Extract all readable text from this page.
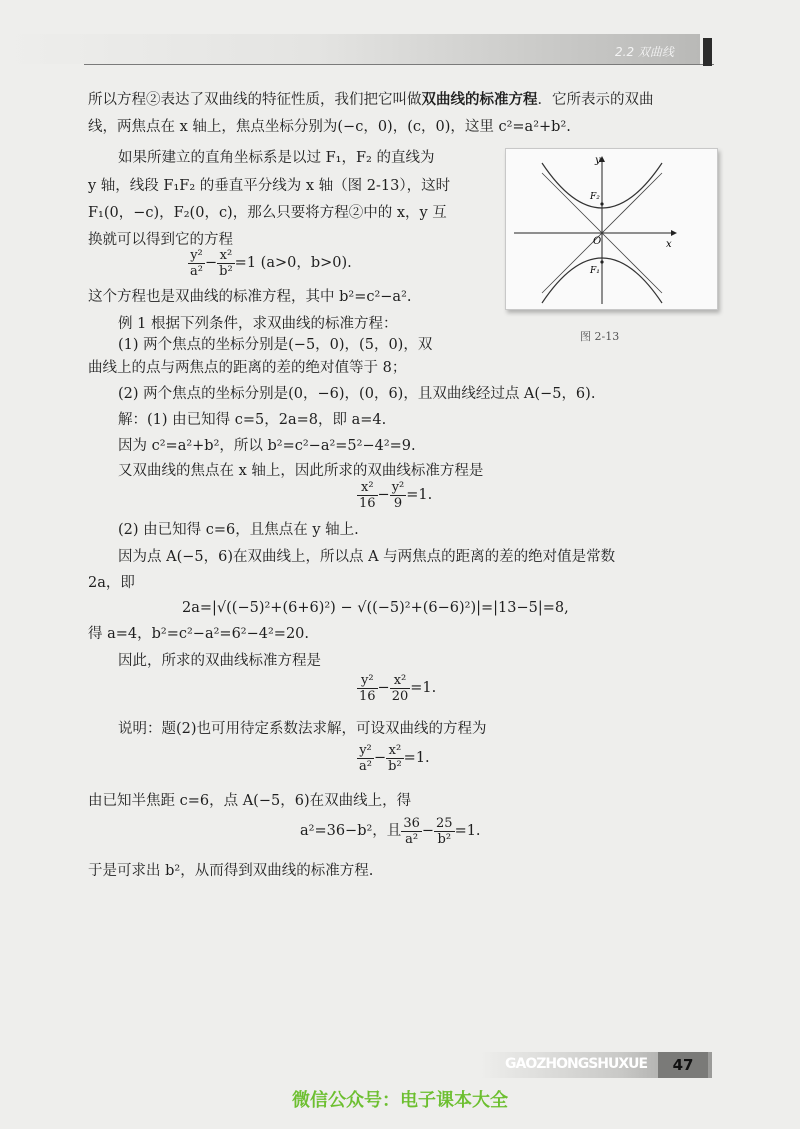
2.2 双曲线
所以方程②表达了双曲线的特征性质，我们把它叫做双曲线的标准方程．它所表示的双曲
线，两焦点在 x 轴上，焦点坐标分别为(−c，0)，(c，0)，这里 c²=a²+b².
如果所建立的直角坐标系是以过 F₁，F₂ 的直线为
y 轴，线段 F₁F₂ 的垂直平分线为 x 轴（图 2-13），这时
F₁(0，−c)，F₂(0，c)，那么只要将方程②中的 x，y 互
换就可以得到它的方程
$\frac{\text{y²}}{\text{a²}} - \frac{\text{x²}}{\text{b²}} =1$ (a>0，b>0).
这个方程也是双曲线的标准方程，其中 b²=c²−a².
例 1 根据下列条件，求双曲线的标准方程：
(1) 两个焦点的坐标分别是(−5，0)，(5，0)，双
曲线上的点与两焦点的距离的差的绝对值等于 8；
(2) 两个焦点的坐标分别是(0，−6)，(0，6)，且双曲线经过点 A(−5，6).
解：(1) 由已知得 c=5，2a=8，即 a=4.
因为 c²=a²+b²，所以 b²=c²−a²=5²−4²=9.
又双曲线的焦点在 x 轴上，因此所求的双曲线标准方程是
$\frac{\text{x²}}{16} - \frac{\text{y²}}{9} =1$.
(2) 由已知得 c=6，且焦点在 y 轴上.
因为点 A(−5，6)在双曲线上，所以点 A 与两焦点的距离的差的绝对值是常数
2a，即
2a=|√((−5)²+(6+6)²) − √((−5)²+(6−6)²)|=|13−5|=8,
得 a=4，b²=c²−a²=6²−4²=20.
因此，所求的双曲线标准方程是
$\frac{\text{y²}}{16} - \frac{\text{x²}}{20} =1$.
说明：题(2)也可用待定系数法求解，可设双曲线的方程为
$\frac{\text{y²}}{\text{a²}} - \frac{\text{x²}}{\text{b²}} =1$.
由已知半焦距 c=6，点 A(−5，6)在双曲线上，得
a²=36−b²，且 $\frac{36}{\text{a²}} - \frac{25}{\text{b²}} =1$.
于是可求出 b²，从而得到双曲线的标准方程.
y
x
O
F₂
F₁
图 2-13
GAOZHONGSHUXUE	47
微信公众号：电子课本大全
